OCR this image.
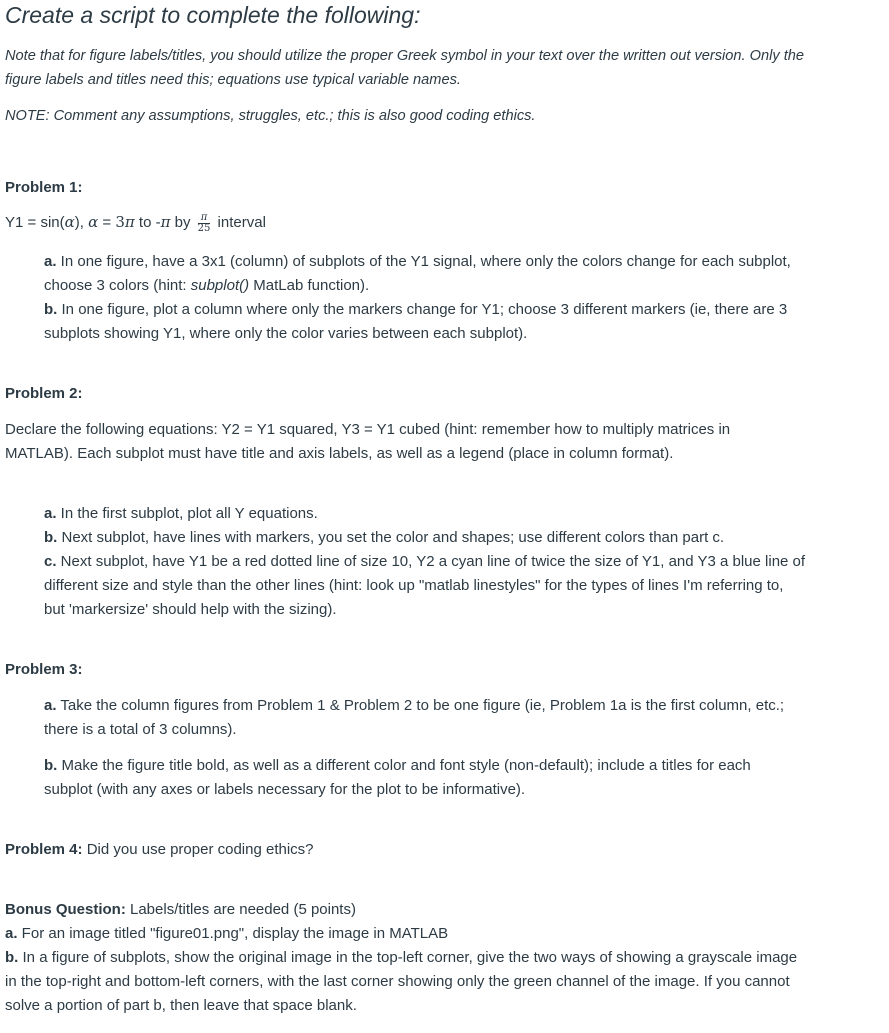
Create a script to complete the following:
Note that for figure labels/titles, you should utilize the proper Greek symbol in your text over the written out version. Only the
figure labels and titles need this; equations use typical variable names.
NOTE: Comment any assumptions, struggles, etc.; this is also good coding ethics.
Problem 1:
Y1 = sin(α), α = 3π to -π by $\frac{\pi}{25}$ interval
a. In one figure, have a 3x1 (column) of subplots of the Y1 signal, where only the colors change for each subplot,
choose 3 colors (hint: subplot() MatLab function).
b. In one figure, plot a column where only the markers change for Y1; choose 3 different markers (ie, there are 3
subplots showing Y1, where only the color varies between each subplot).
Problem 2:
Declare the following equations: Y2 = Y1 squared, Y3 = Y1 cubed (hint: remember how to multiply matrices in
MATLAB). Each subplot must have title and axis labels, as well as a legend (place in column format).
a. In the first subplot, plot all Y equations.
b. Next subplot, have lines with markers, you set the color and shapes; use different colors than part c.
c. Next subplot, have Y1 be a red dotted line of size 10, Y2 a cyan line of twice the size of Y1, and Y3 a blue line of
different size and style than the other lines (hint: look up "matlab linestyles" for the types of lines I'm referring to,
but 'markersize' should help with the sizing).
Problem 3:
a. Take the column figures from Problem 1 & Problem 2 to be one figure (ie, Problem 1a is the first column, etc.;
there is a total of 3 columns).
b. Make the figure title bold, as well as a different color and font style (non-default); include a titles for each
subplot (with any axes or labels necessary for the plot to be informative).
Problem 4: Did you use proper coding ethics?
Bonus Question: Labels/titles are needed (5 points)
a. For an image titled "figure01.png", display the image in MATLAB
b. In a figure of subplots, show the original image in the top-left corner, give the two ways of showing a grayscale image
in the top-right and bottom-left corners, with the last corner showing only the green channel of the image. If you cannot
solve a portion of part b, then leave that space blank.
